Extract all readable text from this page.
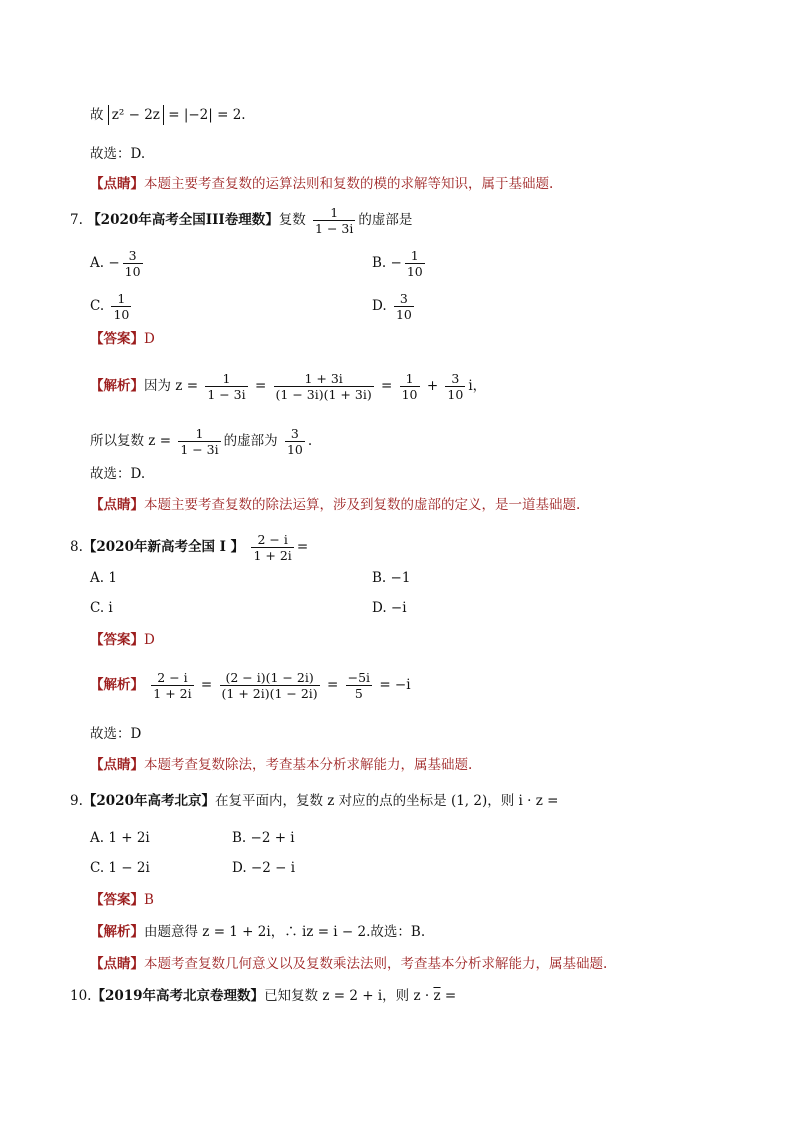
故 z² − 2z = |−2| = 2.
故选：D.
【点睛】本题主要考查复数的运算法则和复数的模的求解等知识，属于基础题.
7. 【2020年高考全国III卷理数】复数 $\frac{1}{1 - 3i}$ 的虚部是
A. − $\frac{3}{10}$	B. − $\frac{1}{10}$
C. $\frac{1}{10}$	D. $\frac{3}{10}$
【答案】D
【解析】因为 $z = \frac{1}{1 - 3i} = \frac{1 + 3i}{(1 - 3i)(1 + 3i)} = \frac{1}{10} + \frac{3}{10}$ i，
所以复数 $z = \frac{1}{1 - 3i}$ 的虚部为 $\frac{3}{10}$ .
故选：D.
【点睛】本题主要考查复数的除法运算，涉及到复数的虚部的定义，是一道基础题.
8.【2020年新高考全国 I 】 $\frac{2 - i}{1 + 2i}$ =
A. 1	B. −1
C. i	D. −i
【答案】D
【解析】 $\frac{2 - i}{1 + 2i} = \frac{(2 - i)(1 - 2i)}{(1 + 2i)(1 - 2i)} = \frac{-5i}{5} = -i$
故选：D
【点睛】本题考查复数除法，考查基本分析求解能力，属基础题.
9.【2020年高考北京】在复平面内，复数 z 对应的点的坐标是 (1, 2)，则 i · z =
A. 1 + 2i	B. −2 + i
C. 1 − 2i	D. −2 − i
【答案】B
【解析】由题意得 z = 1 + 2i，∴ iz = i − 2.故选：B.
【点睛】本题考查复数几何意义以及复数乘法法则，考查基本分析求解能力，属基础题.
10.【2019年高考北京卷理数】已知复数 z = 2 + i，则 $z \cdot \overline{z}$ =
